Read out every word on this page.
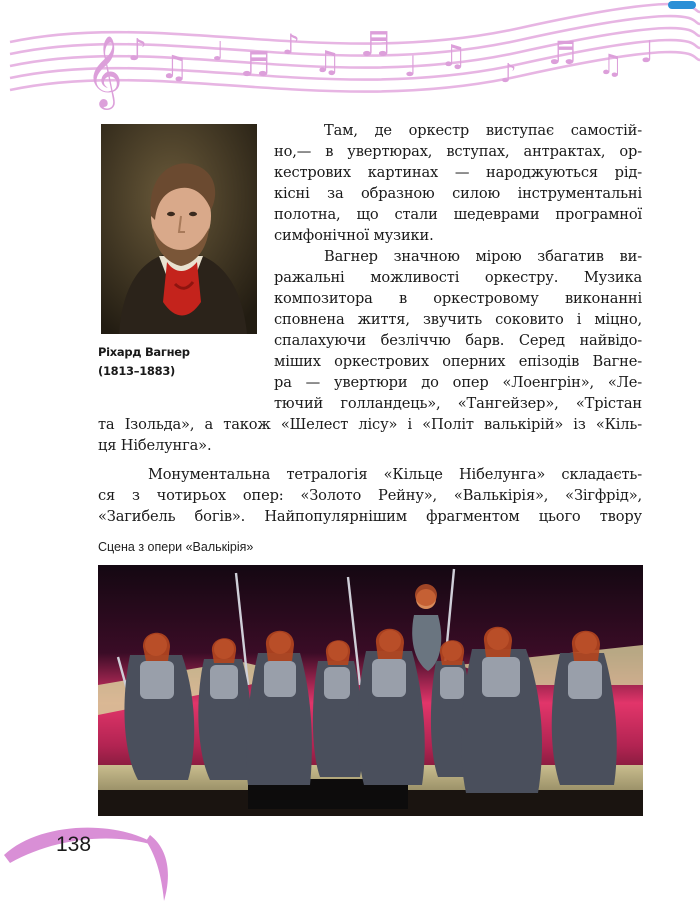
𝄞 ♪ ♫ ♩ ♬
♪
♫ ♬
♩ ♫ ♪
♬ ♫ ♩
Ріхард Вагнер
(1813–1883)
Там, де оркестр виступає самостій-
но,— в увертюрах, вступах, антрактах, ор-
кестрових картинах — народжуються рід-
кісні за образною силою інструментальні
полотна, що стали шедеврами програмної
симфонічної музики.
Вагнер значною мірою збагатив ви-
ражальні можливості оркестру. Музика
композитора в оркестровому виконанні
сповнена життя, звучить соковито і міцно,
спалахуючи безліччю барв. Серед найвідо-
міших оркестрових оперних епізодів Вагне-
ра — увертюри до опер «Лоенгрін», «Ле-
тючий голландець», «Тангейзер», «Трістан
та Ізольда», а також «Шелест лісу» і «Політ валькірій» із «Кіль-
ця Нібелунга».
Монументальна тетралогія «Кільце Нібелунга» складаєть-
ся з чотирьох опер: «Золото Рейну», «Валькірія», «Зігфрід»,
«Загибель богів». Найпопулярнішим фрагментом цього твору
Сцена з опери «Валькірія»
138
